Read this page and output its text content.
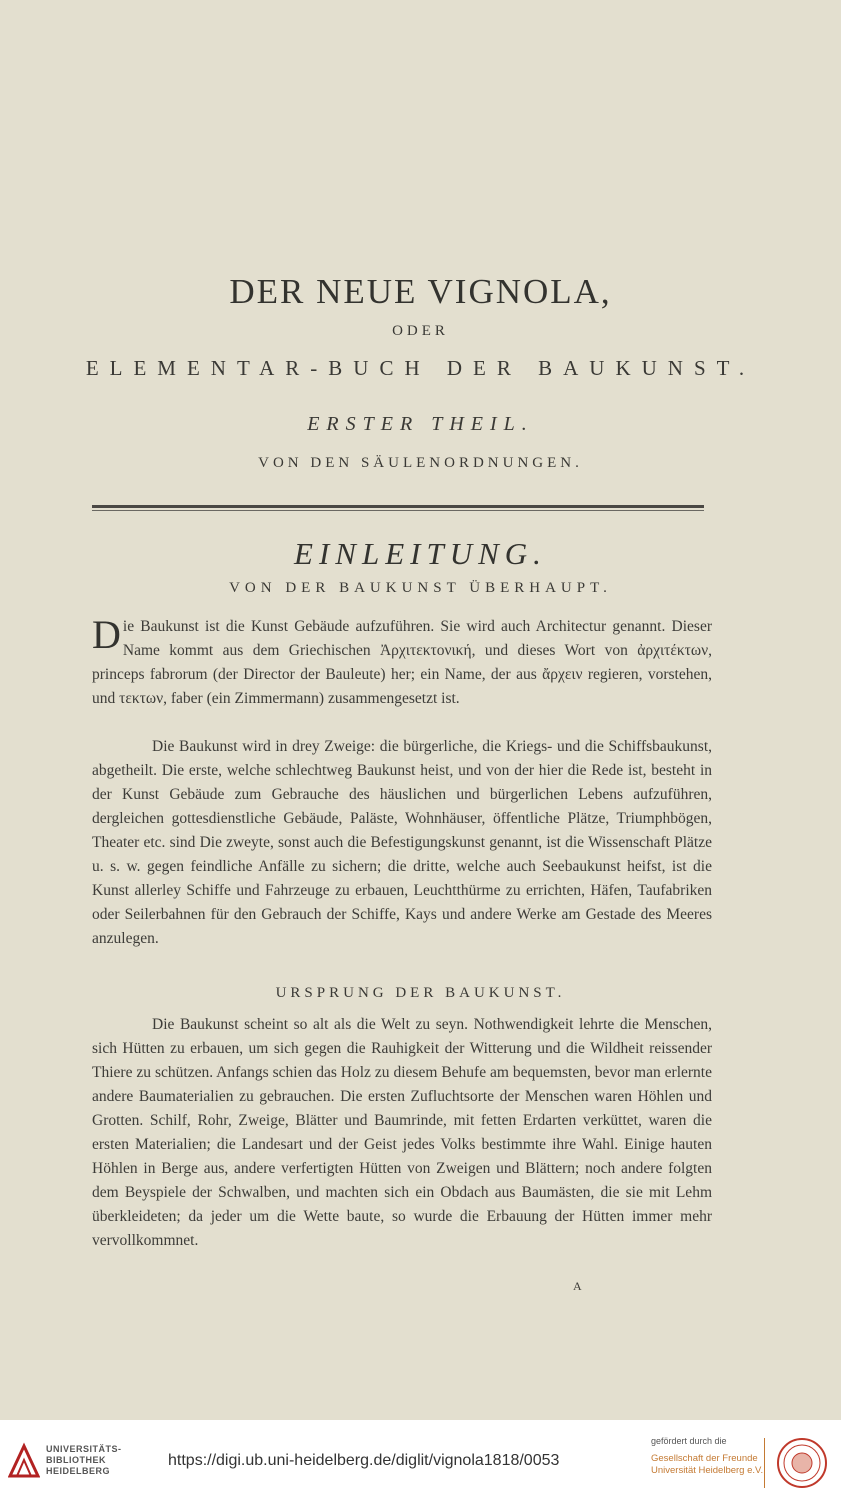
DER NEUE VIGNOLA,
ODER
ELEMENTAR-BUCH DER BAUKUNST.
ERSTER THEIL.
VON DEN SÄULENORDNUNGEN.
EINLEITUNG.
VON DER BAUKUNST ÜBERHAUPT.
Die Baukunst ist die Kunst Gebäude aufzuführen. Sie wird auch Architectur genannt. Dieser Name kommt aus dem Griechischen Ἀρχιτεκτονική, und dieses Wort von ἀρχιτέκτων, princeps fabrorum (der Director der Bauleute) her; ein Name, der aus ἄρχειν regieren, vorstehen, und τεκτων, faber (ein Zimmermann) zusammengesetzt ist.
Die Baukunst wird in drey Zweige: die bürgerliche, die Kriegs- und die Schiffsbaukunst, abgetheilt. Die erste, welche schlechtweg Baukunst heist, und von der hier die Rede ist, besteht in der Kunst Gebäude zum Gebrauche des häuslichen und bürgerlichen Lebens aufzuführen, dergleichen gottesdienstliche Gebäude, Paläste, Wohnhäuser, öffentliche Plätze, Triumphbögen, Theater etc. sind Die zweyte, sonst auch die Befestigungskunst genannt, ist die Wissenschaft Plätze u. s. w. gegen feindliche Anfälle zu sichern; die dritte, welche auch Seebaukunst heifst, ist die Kunst allerley Schiffe und Fahrzeuge zu erbauen, Leuchtthürme zu errichten, Häfen, Taufabriken oder Seilerbahnen für den Gebrauch der Schiffe, Kays und andere Werke am Gestade des Meeres anzulegen.
URSPRUNG DER BAUKUNST.
Die Baukunst scheint so alt als die Welt zu seyn. Nothwendigkeit lehrte die Menschen, sich Hütten zu erbauen, um sich gegen die Rauhigkeit der Witterung und die Wildheit reissender Thiere zu schützen. Anfangs schien das Holz zu diesem Behufe am bequemsten, bevor man erlernte andere Baumaterialien zu gebrauchen. Die ersten Zufluchtsorte der Menschen waren Höhlen und Grotten. Schilf, Rohr, Zweige, Blätter und Baumrinde, mit fetten Erdarten verküttet, waren die ersten Materialien; die Landesart und der Geist jedes Volks bestimmte ihre Wahl. Einige hauten Höhlen in Berge aus, andere verfertigten Hütten von Zweigen und Blättern; noch andere folgten dem Beyspiele der Schwalben, und machten sich ein Obdach aus Baumästen, die sie mit Lehm überkleideten; da jeder um die Wette baute, so wurde die Erbauung der Hütten immer mehr vervollkommnet.
A
UNIVERSITÄTS-
BIBLIOTHEK
HEIDELBERG
https://digi.ub.uni-heidelberg.de/diglit/vignola1818/0053
gefördert durch die
Gesellschaft der Freunde
Universität Heidelberg e.V.
